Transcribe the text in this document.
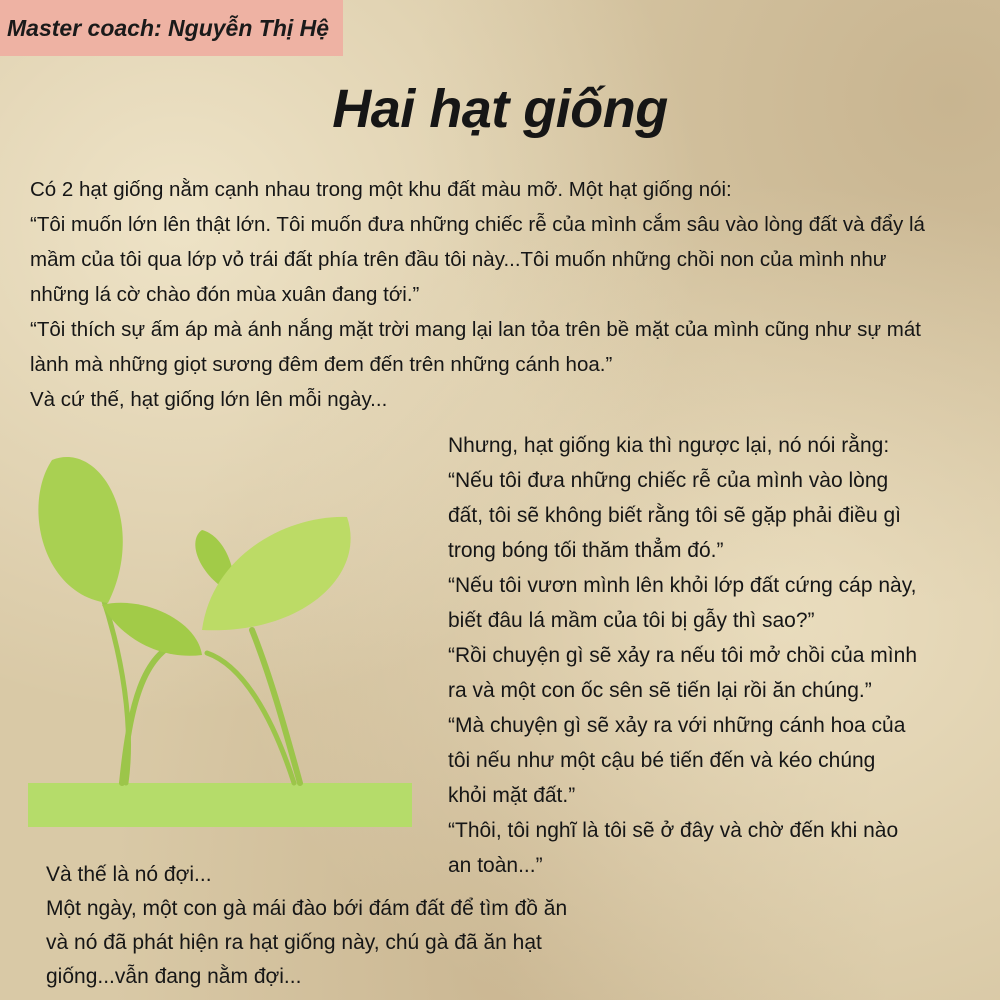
Master coach: Nguyễn Thị Hệ
Hai hạt giống

Có 2 hạt giống nằm cạnh nhau trong một khu đất màu mỡ. Một hạt giống nói:

“Tôi muốn lớn lên thật lớn. Tôi muốn đưa những chiếc rễ của mình cắm sâu vào lòng đất và đẩy lá

mầm của tôi qua lớp vỏ trái đất phía trên đầu tôi này...Tôi muốn những chồi non của mình như

những lá cờ chào đón mùa xuân đang tới.”

“Tôi thích sự ấm áp mà ánh nắng mặt trời mang lại lan tỏa trên bề mặt của mình cũng như sự mát

lành mà những giọt sương đêm đem đến trên những cánh hoa.”

Và cứ thế, hạt giống lớn lên mỗi ngày...

Nhưng, hạt giống kia thì ngược lại, nó nói rằng:

“Nếu tôi đưa những chiếc rễ của mình vào lòng

đất, tôi sẽ không biết rằng tôi sẽ gặp phải điều gì

trong bóng tối thăm thẳm đó.”

“Nếu tôi vươn mình lên khỏi lớp đất cứng cáp này,

biết đâu lá mầm của tôi bị gẫy thì sao?”

“Rồi chuyện gì sẽ xảy ra nếu tôi mở chồi của mình

ra và một con ốc sên sẽ tiến lại rồi ăn chúng.”

“Mà chuyện gì sẽ xảy ra với những cánh hoa của

tôi nếu như một cậu bé tiến đến và kéo chúng

khỏi mặt đất.”

“Thôi, tôi nghĩ là tôi sẽ ở đây và chờ đến khi nào

an toàn...”

Và thế là nó đợi...

Một ngày, một con gà mái đào bới đám đất để tìm đồ ăn

và nó đã phát hiện ra hạt giống này, chú gà đã ăn hạt

giống...vẫn đang nằm đợi...
